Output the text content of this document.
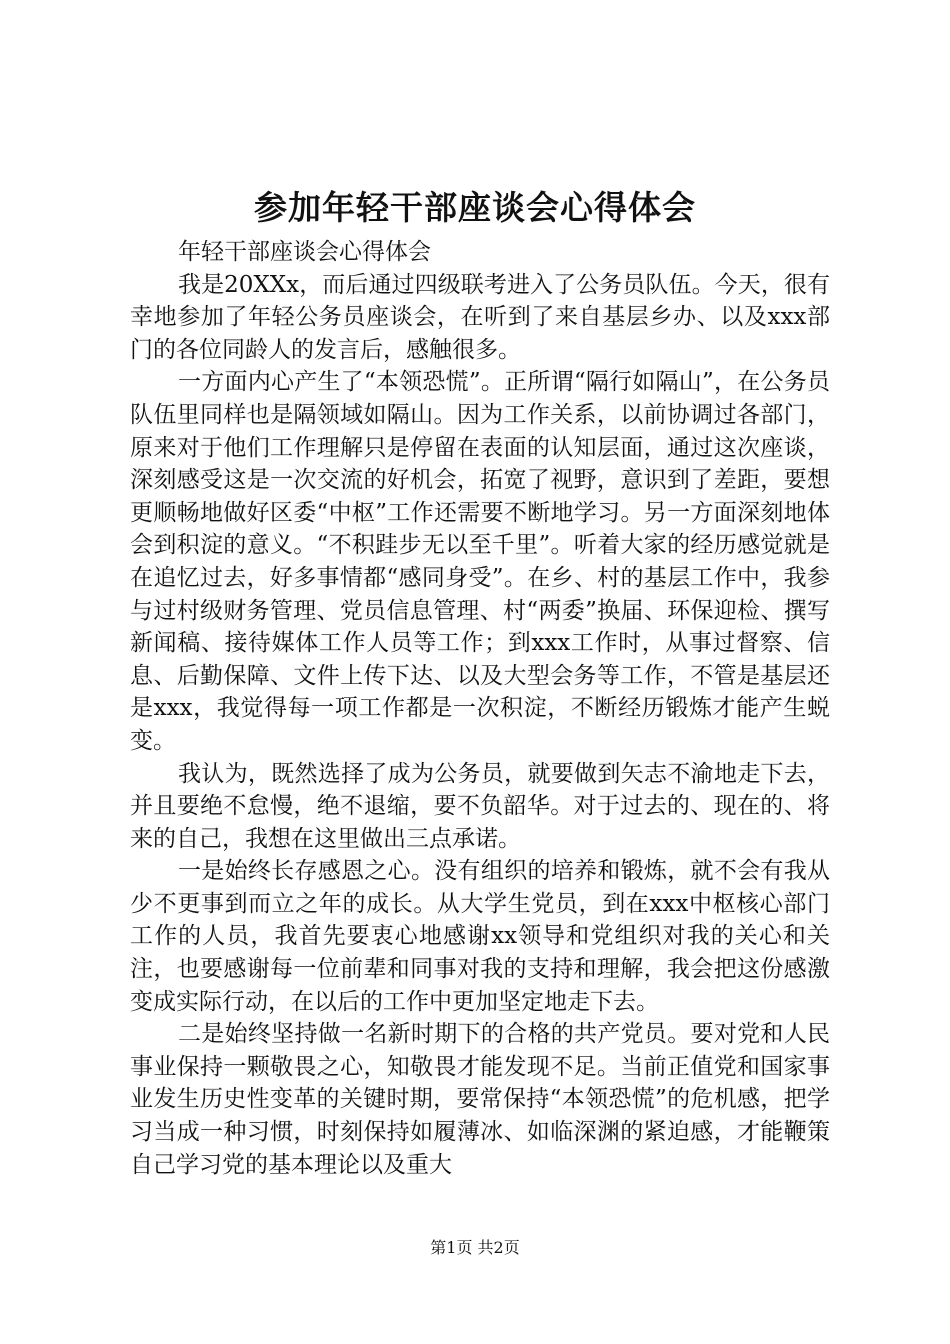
参加年轻干部座谈会心得体会

年轻干部座谈会心得体会

我是20XXx，而后通过四级联考进入了公务员队伍。今天，很有幸地参加了年轻公务员座谈会，在听到了来自基层乡办、以及xxx部门的各位同龄人的发言后，感触很多。

一方面内心产生了“本领恐慌”。正所谓“隔行如隔山”，在公务员队伍里同样也是隔领域如隔山。因为工作关系，以前协调过各部门，原来对于他们工作理解只是停留在表面的认知层面，通过这次座谈，深刻感受这是一次交流的好机会，拓宽了视野，意识到了差距，要想更顺畅地做好区委“中枢”工作还需要不断地学习。另一方面深刻地体会到积淀的意义。“不积跬步无以至千里”。听着大家的经历感觉就是在追忆过去，好多事情都“感同身受”。在乡、村的基层工作中，我参与过村级财务管理、党员信息管理、村“两委”换届、环保迎检、撰写新闻稿、接待媒体工作人员等工作；到xxx工作时，从事过督察、信息、后勤保障、文件上传下达、以及大型会务等工作，不管是基层还是xxx，我觉得每一项工作都是一次积淀，不断经历锻炼才能产生蜕变。

我认为，既然选择了成为公务员，就要做到矢志不渝地走下去，并且要绝不怠慢，绝不退缩，要不负韶华。对于过去的、现在的、将来的自己，我想在这里做出三点承诺。

一是始终长存感恩之心。没有组织的培养和锻炼，就不会有我从少不更事到而立之年的成长。从大学生党员，到在xxx中枢核心部门工作的人员，我首先要衷心地感谢xx领导和党组织对我的关心和关注，也要感谢每一位前辈和同事对我的支持和理解，我会把这份感激变成实际行动，在以后的工作中更加坚定地走下去。

二是始终坚持做一名新时期下的合格的共产党员。要对党和人民事业保持一颗敬畏之心，知敬畏才能发现不足。当前正值党和国家事业发生历史性变革的关键时期，要常保持“本领恐慌”的危机感，把学习当成一种习惯，时刻保持如履薄冰、如临深渊的紧迫感，才能鞭策自己学习党的基本理论以及重大

第1页 共2页
